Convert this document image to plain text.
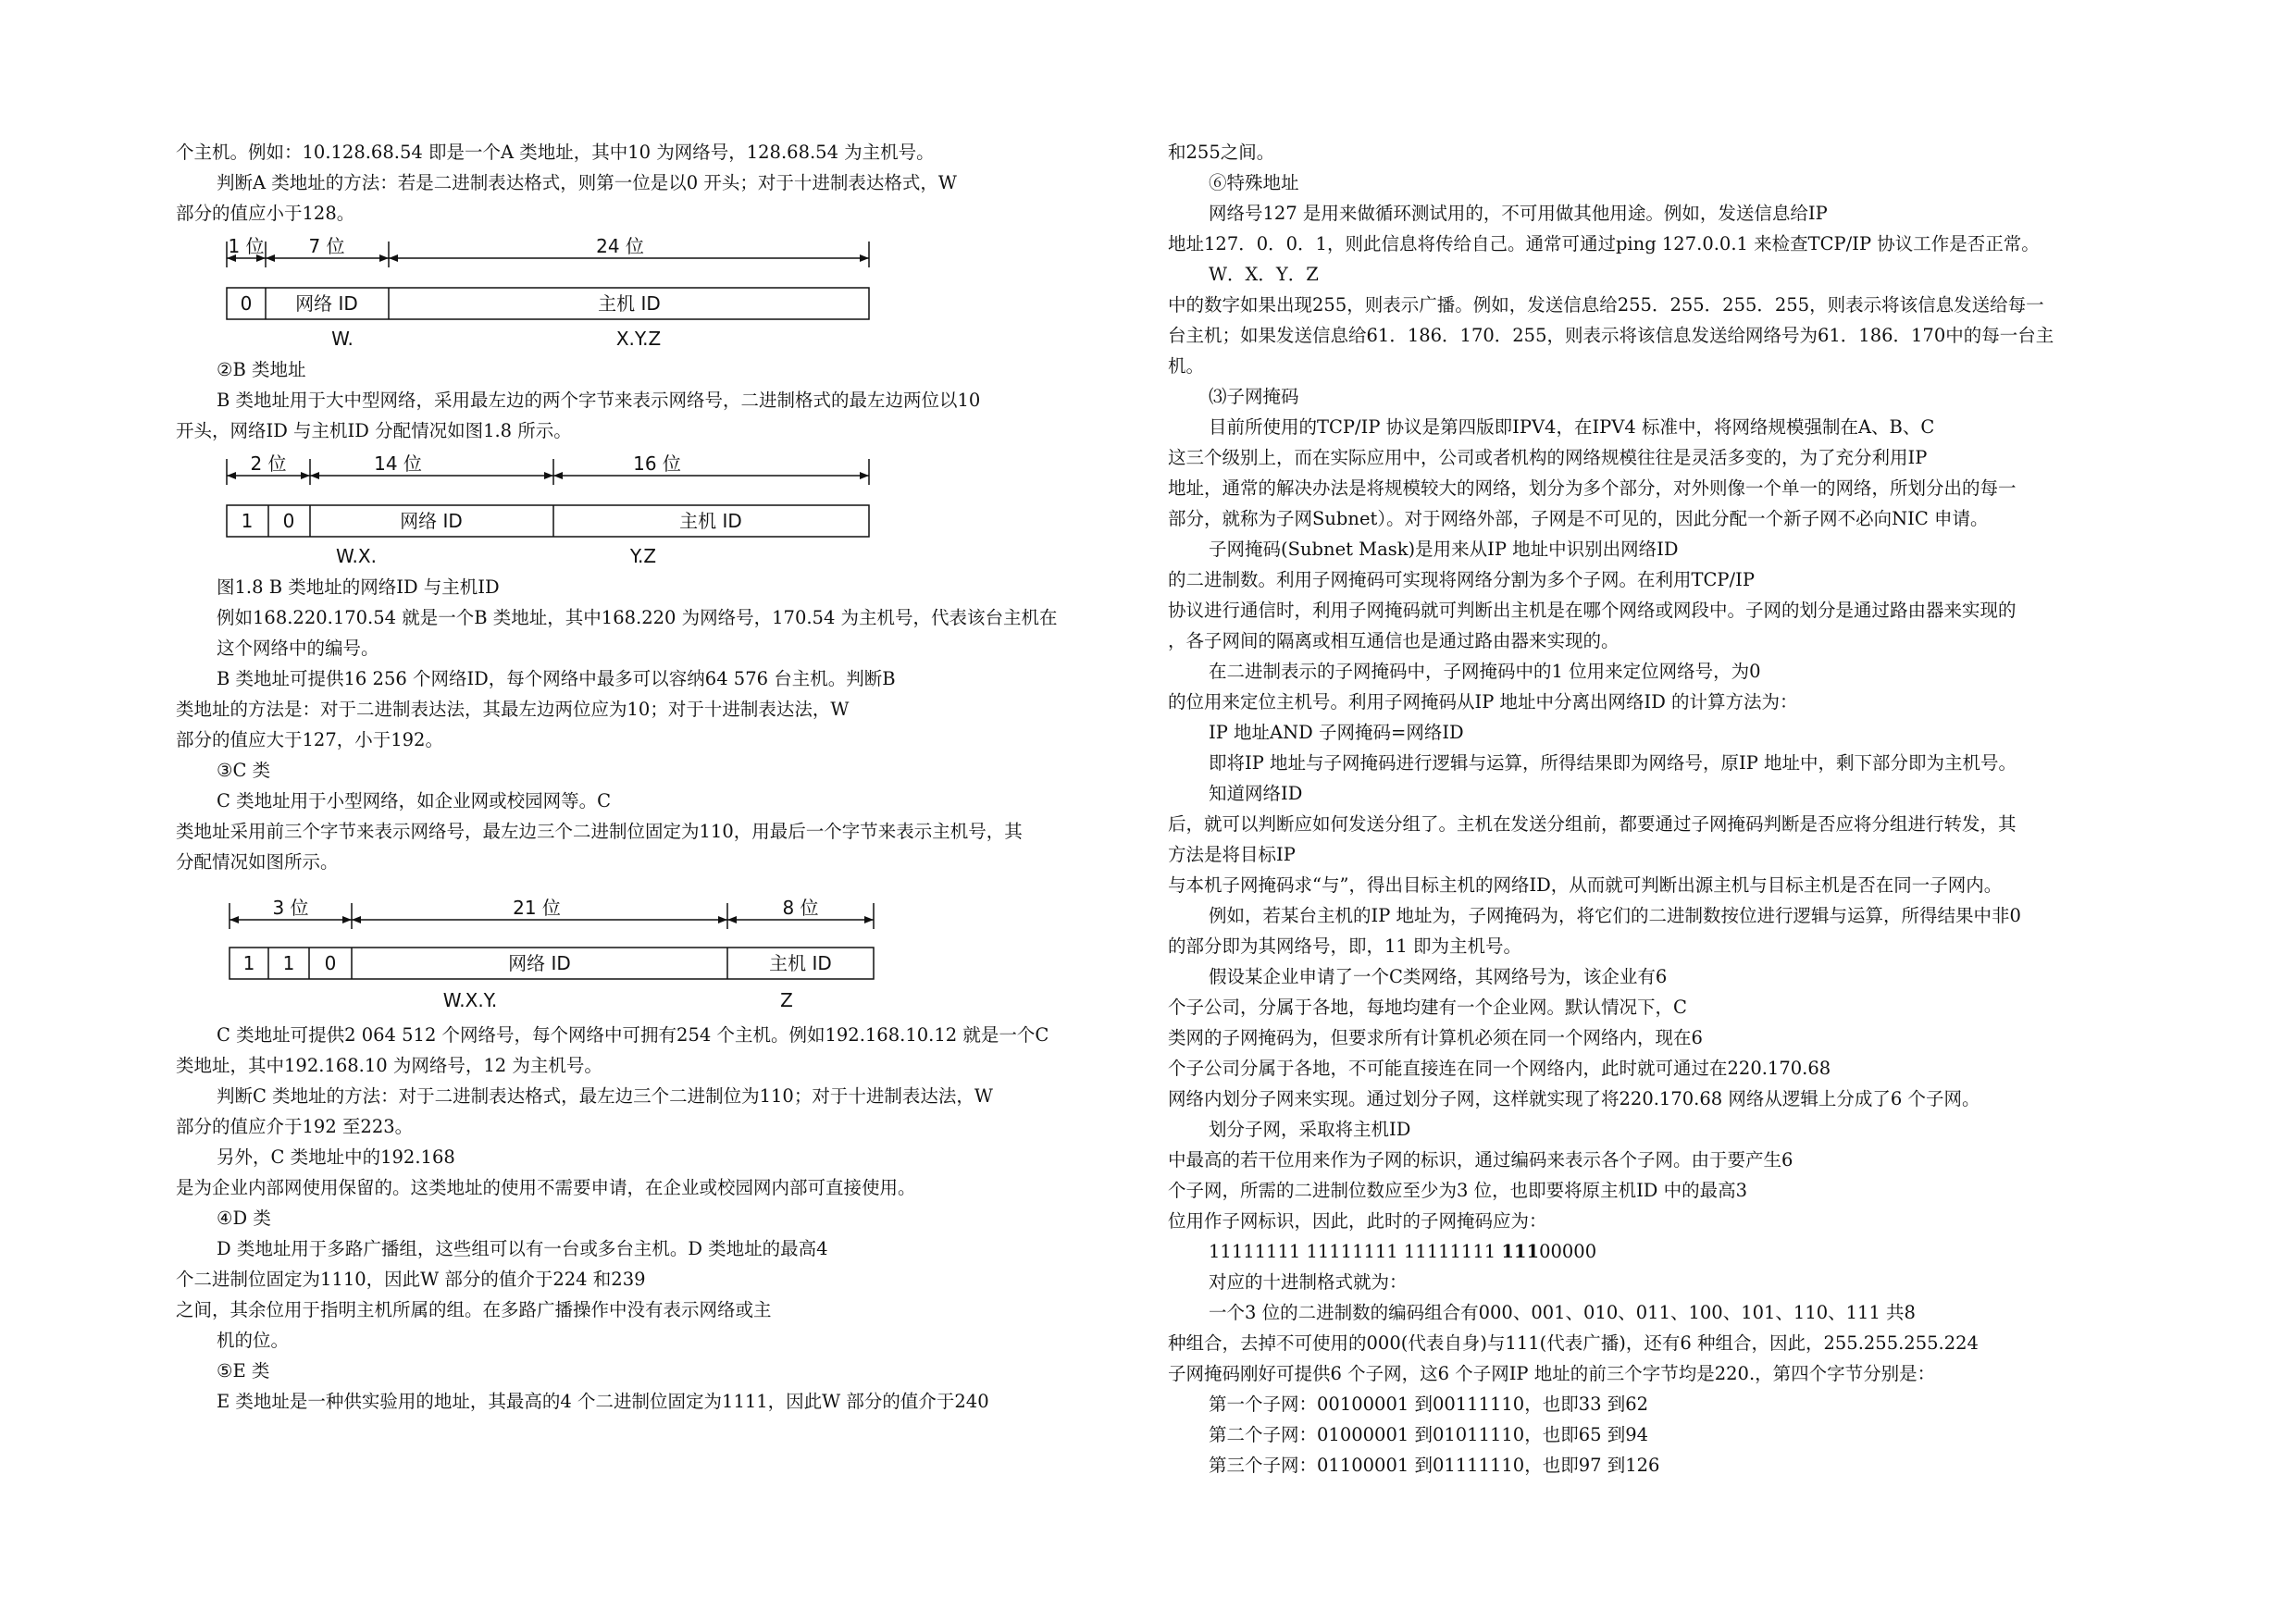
个主机。例如：10.128.68.54 即是一个A 类地址，其中10 为网络号，128.68.54 为主机号。

判断A 类地址的方法：若是二进制表达格式，则第一位是以0 开头；对于十进制表达格式，W

部分的值应小于128。

1 位 7 位	24 位
0 网络 ID	主机 ID
W.	X.Y.Z

②B 类地址

B 类地址用于大中型网络，采用最左边的两个字节来表示网络号，二进制格式的最左边两位以10

开头，网络ID 与主机ID 分配情况如图1.8 所示。

2 位	14 位	16 位
1 0	网络 ID	主机 ID
W.X.	Y.Z

图1.8 B 类地址的网络ID 与主机ID

例如168.220.170.54 就是一个B 类地址，其中168.220 为网络号，170.54 为主机号，代表该台主机在

这个网络中的编号。

B 类地址可提供16 256 个网络ID，每个网络中最多可以容纳64 576 台主机。判断B

类地址的方法是：对于二进制表达法，其最左边两位应为10；对于十进制表达法，W

部分的值应大于127，小于192。

③C 类

C 类地址用于小型网络，如企业网或校园网等。C

类地址采用前三个字节来表示网络号，最左边三个二进制位固定为110，用最后一个字节来表示主机号，其

分配情况如图所示。

3 位	21 位	8 位
1 1 0	网络 ID	主机 ID
W.X.Y.	Z

C 类地址可提供2 064 512 个网络号，每个网络中可拥有254 个主机。例如192.168.10.12 就是一个C

类地址，其中192.168.10 为网络号，12 为主机号。

判断C 类地址的方法：对于二进制表达格式，最左边三个二进制位为110；对于十进制表达法，W

部分的值应介于192 至223。

另外，C 类地址中的192.168

是为企业内部网使用保留的。这类地址的使用不需要申请，在企业或校园网内部可直接使用。

④D 类

D 类地址用于多路广播组，这些组可以有一台或多台主机。D 类地址的最高4

个二进制位固定为1110，因此W 部分的值介于224 和239

之间，其余位用于指明主机所属的组。在多路广播操作中没有表示网络或主

机的位。

⑤E 类

E 类地址是一种供实验用的地址，其最高的4 个二进制位固定为1111，因此W 部分的值介于240

和255之间。

⑥特殊地址

网络号127 是用来做循环测试用的，不可用做其他用途。例如，发送信息给IP

地址127．0．0．1，则此信息将传给自己。通常可通过ping 127.0.0.1 来检查TCP/IP 协议工作是否正常。

W．X．Y．Z

中的数字如果出现255，则表示广播。例如，发送信息给255．255．255．255，则表示将该信息发送给每一

台主机；如果发送信息给61．186．170．255，则表示将该信息发送给网络号为61．186．170中的每一台主

机。

⑶子网掩码

目前所使用的TCP/IP 协议是第四版即IPV4，在IPV4 标准中，将网络规模强制在A、B、C

这三个级别上，而在实际应用中，公司或者机构的网络规模往往是灵活多变的，为了充分利用IP

地址，通常的解决办法是将规模较大的网络，划分为多个部分，对外则像一个单一的网络，所划分出的每一

部分，就称为子网Subnet）。对于网络外部，子网是不可见的，因此分配一个新子网不必向NIC 申请。

子网掩码(Subnet Mask)是用来从IP 地址中识别出网络ID

的二进制数。利用子网掩码可实现将网络分割为多个子网。在利用TCP/IP

协议进行通信时，利用子网掩码就可判断出主机是在哪个网络或网段中。子网的划分是通过路由器来实现的

，各子网间的隔离或相互通信也是通过路由器来实现的。

在二进制表示的子网掩码中，子网掩码中的1 位用来定位网络号，为0

的位用来定位主机号。利用子网掩码从IP 地址中分离出网络ID 的计算方法为：

IP 地址AND 子网掩码=网络ID

即将IP 地址与子网掩码进行逻辑与运算，所得结果即为网络号，原IP 地址中，剩下部分即为主机号。

知道网络ID

后，就可以判断应如何发送分组了。主机在发送分组前，都要通过子网掩码判断是否应将分组进行转发，其

方法是将目标IP

与本机子网掩码求“与”，得出目标主机的网络ID，从而就可判断出源主机与目标主机是否在同一子网内。

例如，若某台主机的IP 地址为，子网掩码为，将它们的二进制数按位进行逻辑与运算，所得结果中非0

的部分即为其网络号，即，11 即为主机号。

假设某企业申请了一个C类网络，其网络号为，该企业有6

个子公司，分属于各地，每地均建有一个企业网。默认情况下，C

类网的子网掩码为，但要求所有计算机必须在同一个网络内，现在6

个子公司分属于各地，不可能直接连在同一个网络内，此时就可通过在220.170.68

网络内划分子网来实现。通过划分子网，这样就实现了将220.170.68 网络从逻辑上分成了6 个子网。

划分子网，采取将主机ID

中最高的若干位用来作为子网的标识，通过编码来表示各个子网。由于要产生6

个子网，所需的二进制位数应至少为3 位，也即要将原主机ID 中的最高3

位用作子网标识，因此，此时的子网掩码应为：

11111111 11111111 11111111 11100000

对应的十进制格式就为：

一个3 位的二进制数的编码组合有000、001、010、011、100、101、110、111 共8

种组合，去掉不可使用的000(代表自身)与111(代表广播)，还有6 种组合，因此，255.255.255.224

子网掩码刚好可提供6 个子网，这6 个子网IP 地址的前三个字节均是220.，第四个字节分别是：

第一个子网：00100001 到00111110，也即33 到62

第二个子网：01000001 到01011110，也即65 到94

第三个子网：01100001 到01111110，也即97 到126
